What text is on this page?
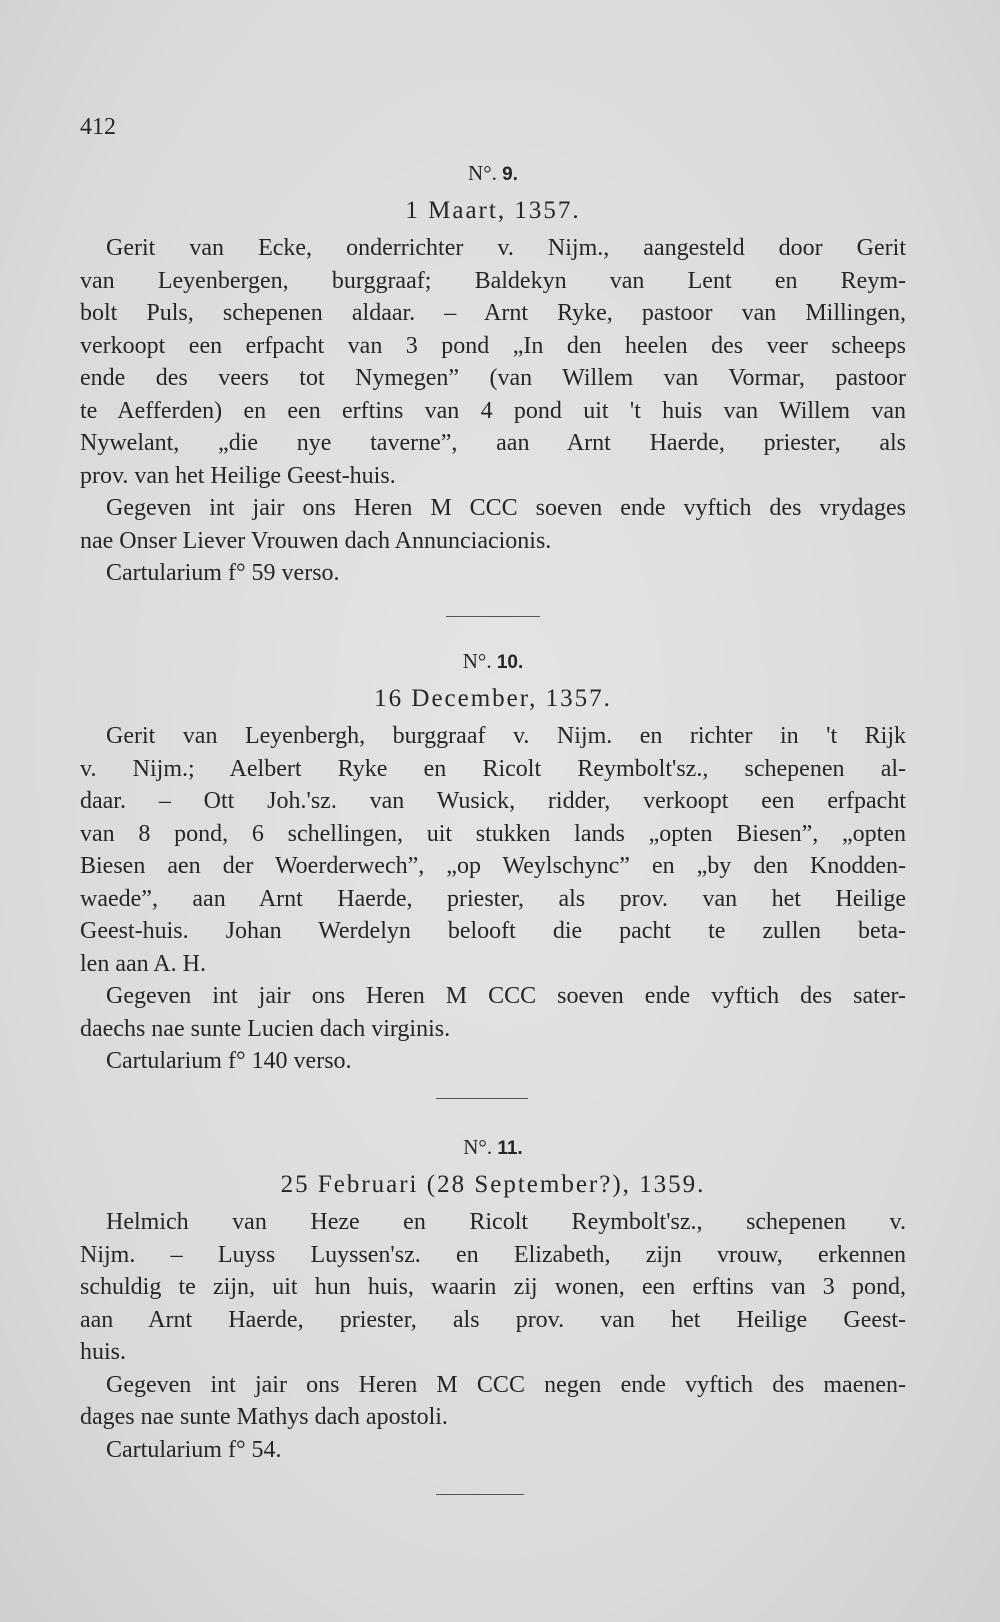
412
N°. 9.
1 Maart, 1357.
Gerit van Ecke, onderrichter v. Nijm., aangesteld door Gerit
van Leyenbergen, burggraaf; Baldekyn van Lent en Reym-
bolt Puls, schepenen aldaar. – Arnt Ryke, pastoor van Millingen,
verkoopt een erfpacht van 3 pond „In den heelen des veer scheeps
ende des veers tot Nymegen” (van Willem van Vormar, pastoor
te Aefferden) en een erftins van 4 pond uit 't huis van Willem van
Nywelant, „die nye taverne”, aan Arnt Haerde, priester, als
prov. van het Heilige Geest-huis.
Gegeven int jair ons Heren M CCC soeven ende vyftich des vrydages
nae Onser Liever Vrouwen dach Annunciacionis.
Cartularium f° 59 verso.
N°. 10.
16 December, 1357.
Gerit van Leyenbergh, burggraaf v. Nijm. en richter in 't Rijk
v. Nijm.; Aelbert Ryke en Ricolt Reymbolt'sz., schepenen al-
daar. – Ott Joh.'sz. van Wusick, ridder, verkoopt een erfpacht
van 8 pond, 6 schellingen, uit stukken lands „opten Biesen”, „opten
Biesen aen der Woerderwech”, „op Weylschync” en „by den Knodden-
waede”, aan Arnt Haerde, priester, als prov. van het Heilige
Geest-huis. Johan Werdelyn belooft die pacht te zullen beta-
len aan A. H.
Gegeven int jair ons Heren M CCC soeven ende vyftich des sater-
daechs nae sunte Lucien dach virginis.
Cartularium f° 140 verso.
N°. 11.
25 Februari (28 September?), 1359.
Helmich van Heze en Ricolt Reymbolt'sz., schepenen v.
Nijm. – Luyss Luyssen'sz. en Elizabeth, zijn vrouw, erkennen
schuldig te zijn, uit hun huis, waarin zij wonen, een erftins van 3 pond,
aan Arnt Haerde, priester, als prov. van het Heilige Geest-
huis.
Gegeven int jair ons Heren M CCC negen ende vyftich des maenen-
dages nae sunte Mathys dach apostoli.
Cartularium f° 54.
